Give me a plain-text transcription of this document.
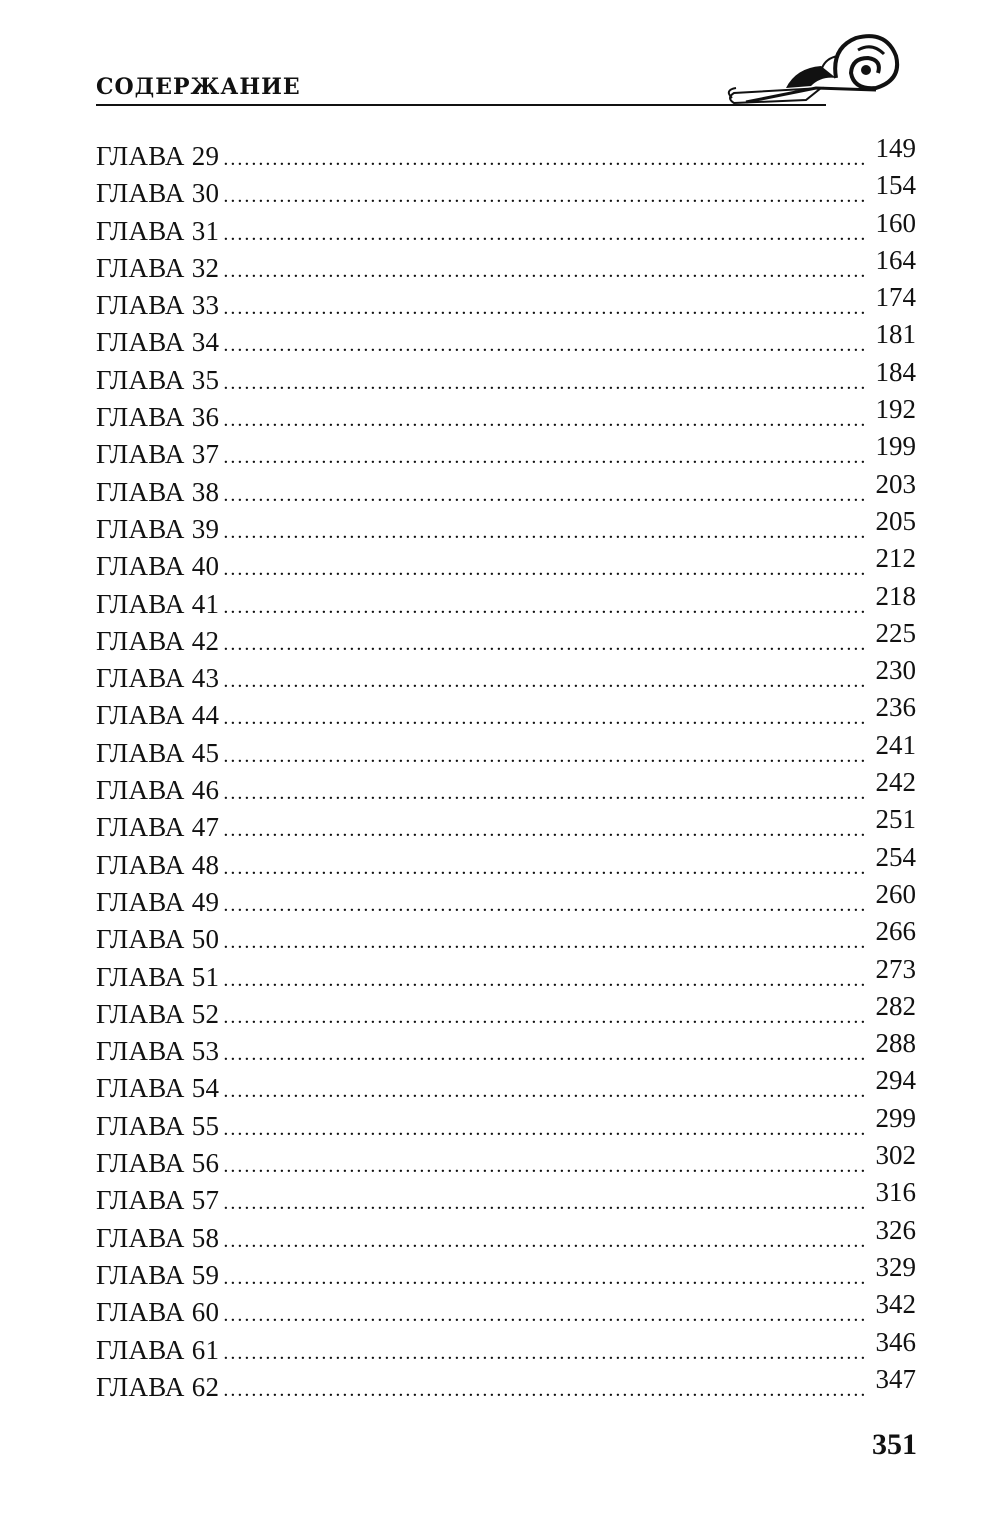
содержание
ГЛАВА 29 .....	149
ГЛАВА 30 .....	154
ГЛАВА 31 .....	160
ГЛАВА 32 .....	164
ГЛАВА 33 .....	174
ГЛАВА 34 .....	181
ГЛАВА 35 .....	184
ГЛАВА 36 .....	192
ГЛАВА 37 .....	199
ГЛАВА 38 .....	203
ГЛАВА 39 .....	205
ГЛАВА 40 .....	212
ГЛАВА 41 .....	218
ГЛАВА 42 .....	225
ГЛАВА 43 .....	230
ГЛАВА 44 .....	236
ГЛАВА 45 .....	241
ГЛАВА 46 .....	242
ГЛАВА 47 .....	251
ГЛАВА 48 .....	254
ГЛАВА 49 .....	260
ГЛАВА 50 .....	266
ГЛАВА 51 .....	273
ГЛАВА 52 .....	282
ГЛАВА 53 .....	288
ГЛАВА 54 .....	294
ГЛАВА 55 .....	299
ГЛАВА 56 .....	302
ГЛАВА 57 .....	316
ГЛАВА 58 .....	326
ГЛАВА 59 .....	329
ГЛАВА 60 .....	342
ГЛАВА 61 .....	346
ГЛАВА 62 .....	347
351
